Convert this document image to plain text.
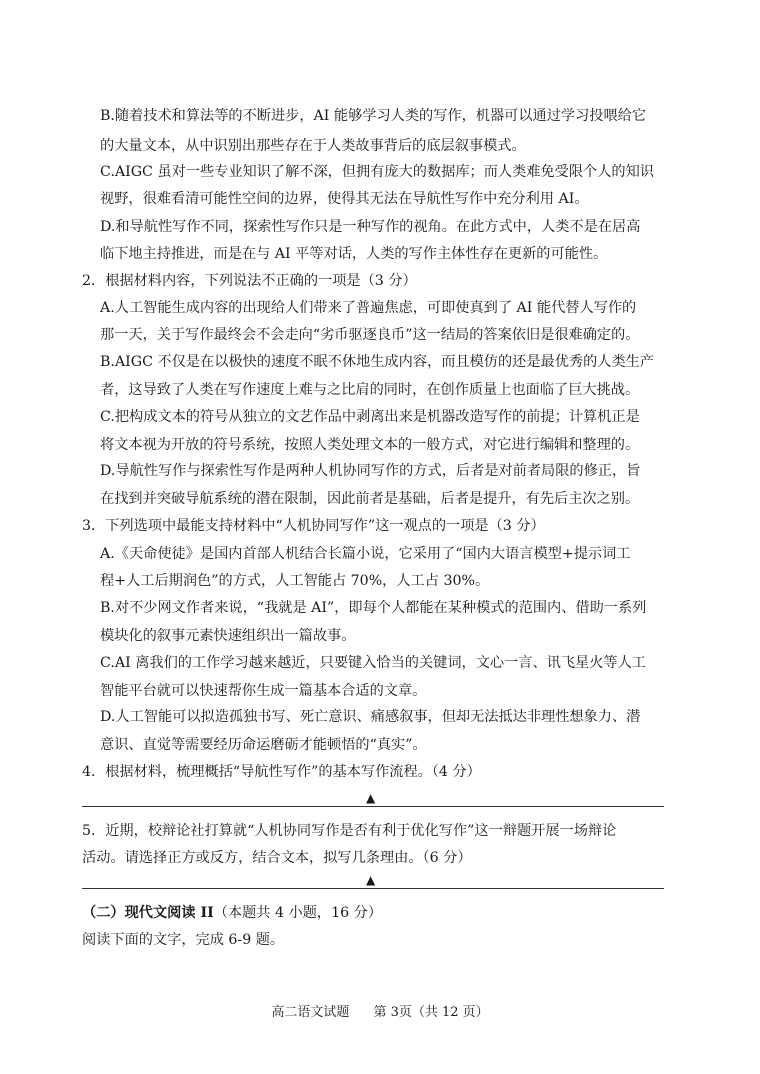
B.随着技术和算法等的不断进步，AI 能够学习人类的写作，机器可以通过学习投喂给它
的大量文本，从中识别出那些存在于人类故事背后的底层叙事模式。
C.AIGC 虽对一些专业知识了解不深，但拥有庞大的数据库；而人类难免受限个人的知识
视野，很难看清可能性空间的边界，使得其无法在导航性写作中充分利用 AI。
D.和导航性写作不同，探索性写作只是一种写作的视角。在此方式中，人类不是在居高
临下地主持推进，而是在与 AI 平等对话，人类的写作主体性存在更新的可能性。
2．根据材料内容，下列说法不正确的一项是（3 分）
A.人工智能生成内容的出现给人们带来了普遍焦虑，可即使真到了 AI 能代替人写作的
那一天，关于写作最终会不会走向“劣币驱逐良币”这一结局的答案依旧是很难确定的。
B.AIGC 不仅是在以极快的速度不眠不休地生成内容，而且模仿的还是最优秀的人类生产
者，这导致了人类在写作速度上难与之比肩的同时，在创作质量上也面临了巨大挑战。
C.把构成文本的符号从独立的文艺作品中剥离出来是机器改造写作的前提；计算机正是
将文本视为开放的符号系统，按照人类处理文本的一般方式，对它进行编辑和整理的。
D.导航性写作与探索性写作是两种人机协同写作的方式，后者是对前者局限的修正，旨
在找到并突破导航系统的潜在限制，因此前者是基础，后者是提升，有先后主次之别。
3．下列选项中最能支持材料中“人机协同写作”这一观点的一项是（3 分）
A.《天命使徒》是国内首部人机结合长篇小说，它采用了“国内大语言模型+提示词工
程+人工后期润色”的方式，人工智能占 70%，人工占 30%。
B.对不少网文作者来说，“我就是 AI”，即每个人都能在某种模式的范围内、借助一系列
模块化的叙事元素快速组织出一篇故事。
C.AI 离我们的工作学习越来越近，只要键入恰当的关键词，文心一言、讯飞星火等人工
智能平台就可以快速帮你生成一篇基本合适的文章。
D.人工智能可以拟造孤独书写、死亡意识、痛感叙事，但却无法抵达非理性想象力、潜
意识、直觉等需要经历命运磨砺才能顿悟的“真实”。
4．根据材料，梳理概括“导航性写作”的基本写作流程。（4 分）
▲
5．近期，校辩论社打算就“人机协同写作是否有利于优化写作”这一辩题开展一场辩论
活动。请选择正方或反方，结合文本，拟写几条理由。（6 分）
▲
（二）现代文阅读 II（本题共 4 小题，16 分）
阅读下面的文字，完成 6-9 题。
高二语文试题 第 3页（共 12 页）
